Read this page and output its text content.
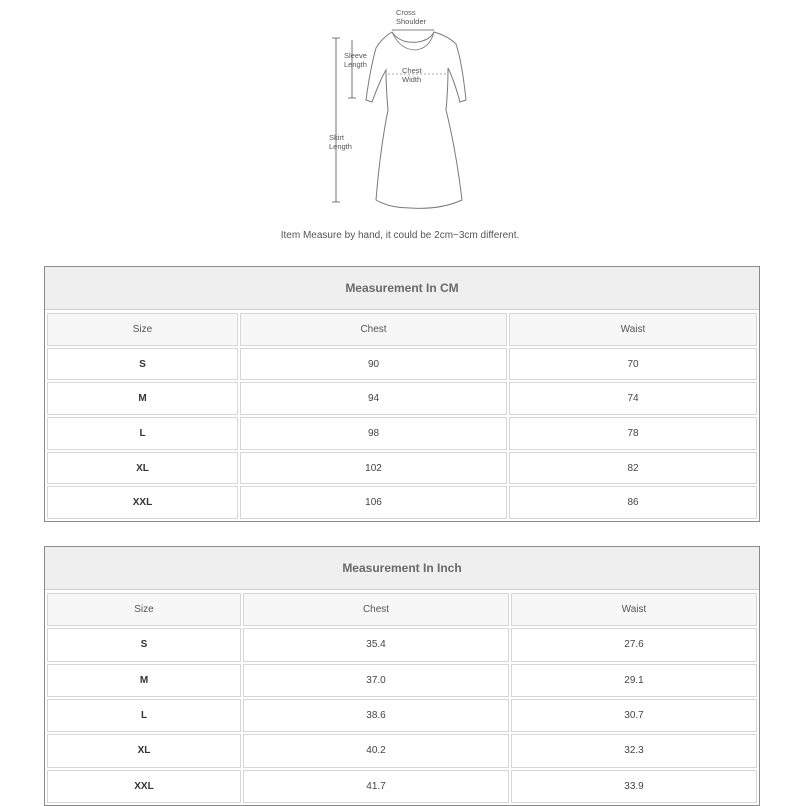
Cross
Shoulder
Sleeve
Length
Chest
Width
Skirt
Length
Item Measure by hand, it could be 2cm~3cm different.
Measurement In CM
Size	Chest	Waist
S	90	70
M	94	74
L	98	78
XL	102	82
XXL	106	86
Measurement In Inch
Size	Chest	Waist
S	35.4	27.6
M	37.0	29.1
L	38.6	30.7
XL	40.2	32.3
XXL	41.7	33.9
